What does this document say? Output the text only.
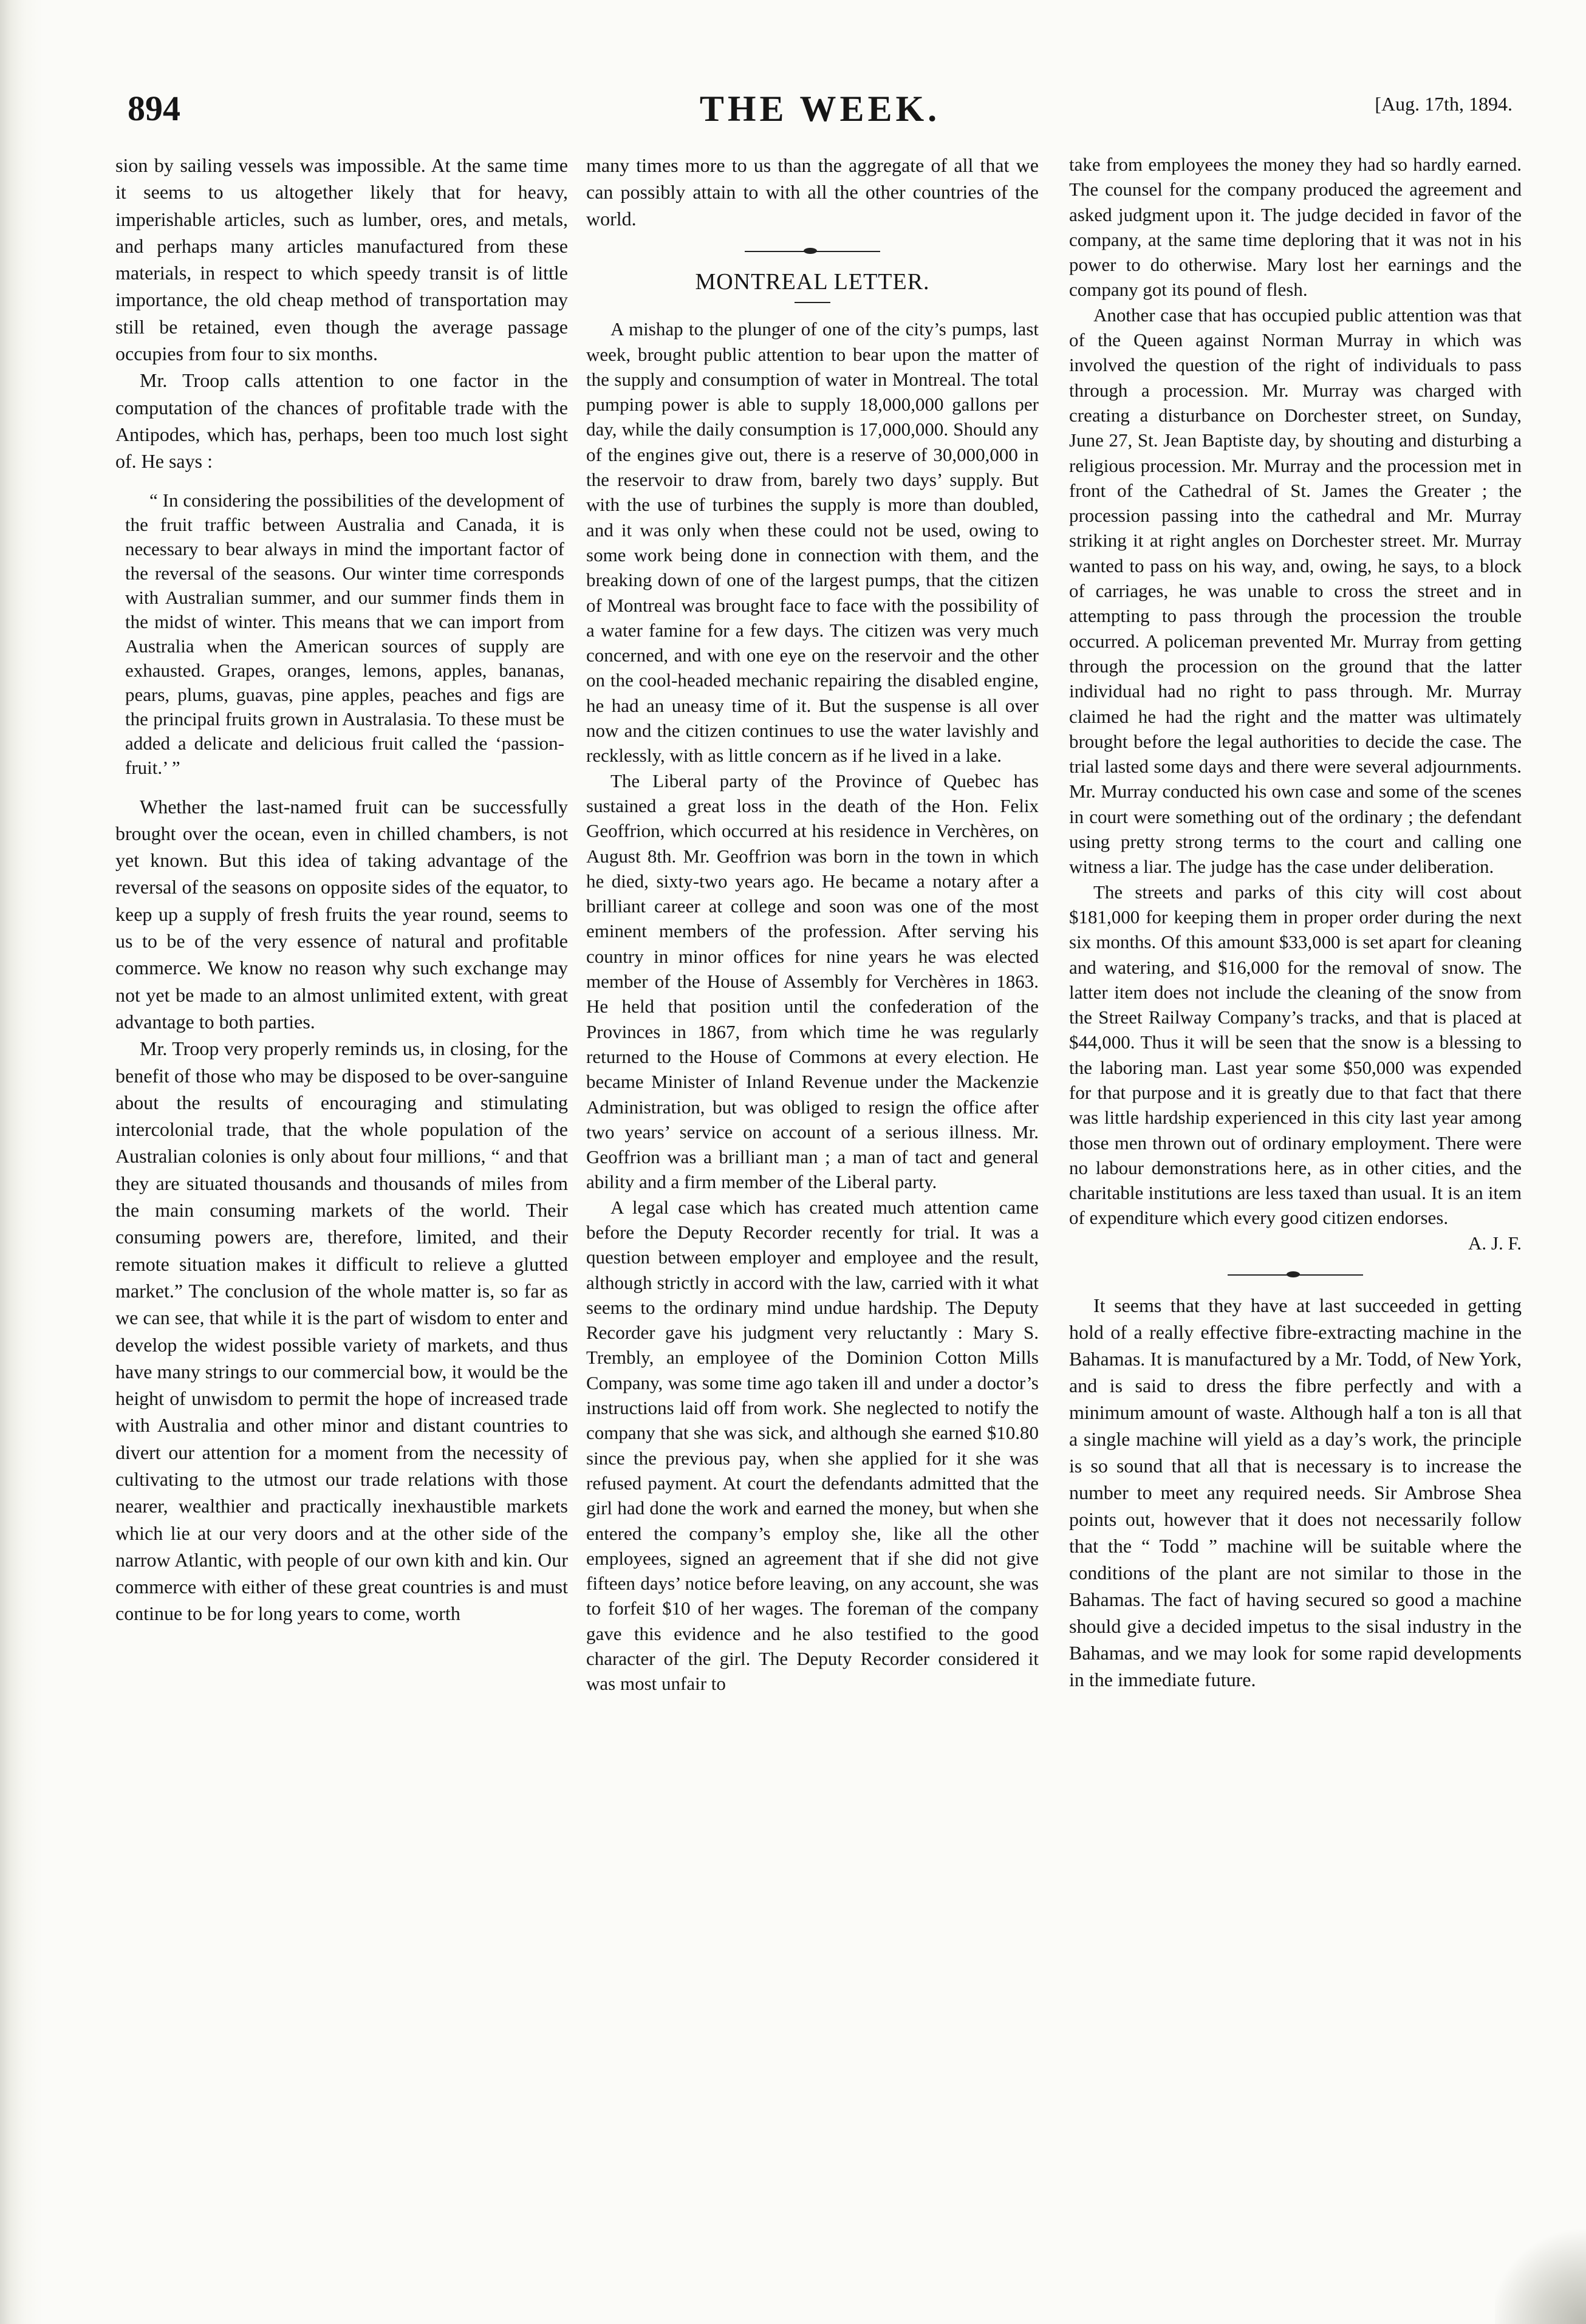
894	THE WEEK.	[Aug. 17th, 1894.

sion by sailing vessels was impossible. At the same time it seems to us altogether likely that for heavy, imperishable articles, such as lumber, ores, and metals, and perhaps many articles manufactured from these materials, in respect to which speedy transit is of little importance, the old cheap method of transportation may still be retained, even though the average passage occupies from four to six months.

Mr. Troop calls attention to one factor in the computation of the chances of profitable trade with the Antipodes, which has, perhaps, been too much lost sight of. He says :

“ In considering the possibilities of the development of the fruit traffic between Australia and Canada, it is necessary to bear always in mind the important factor of the reversal of the seasons. Our winter time corresponds with Australian summer, and our summer finds them in the midst of winter. This means that we can import from Australia when the American sources of supply are exhausted. Grapes, oranges, lemons, apples, bananas, pears, plums, guavas, pine apples, peaches and figs are the principal fruits grown in Australasia. To these must be added a delicate and delicious fruit called the ‘passion-fruit.’ ”

Whether the last-named fruit can be successfully brought over the ocean, even in chilled chambers, is not yet known. But this idea of taking advantage of the reversal of the seasons on opposite sides of the equator, to keep up a supply of fresh fruits the year round, seems to us to be of the very essence of natural and profitable commerce. We know no reason why such exchange may not yet be made to an almost unlimited extent, with great advantage to both parties.

Mr. Troop very properly reminds us, in closing, for the benefit of those who may be disposed to be over-sanguine about the results of encouraging and stimulating intercolonial trade, that the whole population of the Australian colonies is only about four millions, “ and that they are situated thousands and thousands of miles from the main consuming markets of the world. Their consuming powers are, therefore, limited, and their remote situation makes it difficult to relieve a glutted market.” The conclusion of the whole matter is, so far as we can see, that while it is the part of wisdom to enter and develop the widest possible variety of markets, and thus have many strings to our commercial bow, it would be the height of unwisdom to permit the hope of increased trade with Australia and other minor and distant countries to divert our attention for a moment from the necessity of cultivating to the utmost our trade relations with those nearer, wealthier and practically inexhaustible markets which lie at our very doors and at the other side of the narrow Atlantic, with people of our own kith and kin. Our commerce with either of these great countries is and must continue to be for long years to come, worth

many times more to us than the aggregate of all that we can possibly attain to with all the other countries of the world.

MONTREAL LETTER.

A mishap to the plunger of one of the city’s pumps, last week, brought public attention to bear upon the matter of the supply and consumption of water in Montreal. The total pumping power is able to supply 18,000,000 gallons per day, while the daily consumption is 17,000,000. Should any of the engines give out, there is a reserve of 30,000,000 in the reservoir to draw from, barely two days’ supply. But with the use of turbines the supply is more than doubled, and it was only when these could not be used, owing to some work being done in connection with them, and the breaking down of one of the largest pumps, that the citizen of Montreal was brought face to face with the possibility of a water famine for a few days. The citizen was very much concerned, and with one eye on the reservoir and the other on the cool-headed mechanic repairing the disabled engine, he had an uneasy time of it. But the suspense is all over now and the citizen continues to use the water lavishly and recklessly, with as little concern as if he lived in a lake.

The Liberal party of the Province of Quebec has sustained a great loss in the death of the Hon. Felix Geoffrion, which occurred at his residence in Verchères, on August 8th. Mr. Geoffrion was born in the town in which he died, sixty-two years ago. He became a notary after a brilliant career at college and soon was one of the most eminent members of the profession. After serving his country in minor offices for nine years he was elected member of the House of Assembly for Verchères in 1863. He held that position until the confederation of the Provinces in 1867, from which time he was regularly returned to the House of Commons at every election. He became Minister of Inland Revenue under the Mackenzie Administration, but was obliged to resign the office after two years’ service on account of a serious illness. Mr. Geoffrion was a brilliant man ; a man of tact and general ability and a firm member of the Liberal party.

A legal case which has created much attention came before the Deputy Recorder recently for trial. It was a question between employer and employee and the result, although strictly in accord with the law, carried with it what seems to the ordinary mind undue hardship. The Deputy Recorder gave his judgment very reluctantly : Mary S. Trembly, an employee of the Dominion Cotton Mills Company, was some time ago taken ill and under a doctor’s instructions laid off from work. She neglected to notify the company that she was sick, and although she earned $10.80 since the previous pay, when she applied for it she was refused payment. At court the defendants admitted that the girl had done the work and earned the money, but when she entered the company’s employ she, like all the other employees, signed an agreement that if she did not give fifteen days’ notice before leaving, on any account, she was to forfeit $10 of her wages. The foreman of the company gave this evidence and he also testified to the good character of the girl. The Deputy Recorder considered it was most unfair to

take from employees the money they had so hardly earned. The counsel for the company produced the agreement and asked judgment upon it. The judge decided in favor of the company, at the same time deploring that it was not in his power to do otherwise. Mary lost her earnings and the company got its pound of flesh.

Another case that has occupied public attention was that of the Queen against Norman Murray in which was involved the question of the right of individuals to pass through a procession. Mr. Murray was charged with creating a disturbance on Dorchester street, on Sunday, June 27, St. Jean Baptiste day, by shouting and disturbing a religious procession. Mr. Murray and the procession met in front of the Cathedral of St. James the Greater ; the procession passing into the cathedral and Mr. Murray striking it at right angles on Dorchester street. Mr. Murray wanted to pass on his way, and, owing, he says, to a block of carriages, he was unable to cross the street and in attempting to pass through the procession the trouble occurred. A policeman prevented Mr. Murray from getting through the procession on the ground that the latter individual had no right to pass through. Mr. Murray claimed he had the right and the matter was ultimately brought before the legal authorities to decide the case. The trial lasted some days and there were several adjournments. Mr. Murray conducted his own case and some of the scenes in court were something out of the ordinary ; the defendant using pretty strong terms to the court and calling one witness a liar. The judge has the case under deliberation.

The streets and parks of this city will cost about $181,000 for keeping them in proper order during the next six months. Of this amount $33,000 is set apart for cleaning and watering, and $16,000 for the removal of snow. The latter item does not include the cleaning of the snow from the Street Railway Company’s tracks, and that is placed at $44,000. Thus it will be seen that the snow is a blessing to the laboring man. Last year some $50,000 was expended for that purpose and it is greatly due to that fact that there was little hardship experienced in this city last year among those men thrown out of ordinary employment. There were no labour demonstrations here, as in other cities, and the charitable institutions are less taxed than usual. It is an item of expenditure which every good citizen endorses.

A. J. F.

It seems that they have at last succeeded in getting hold of a really effective fibre-extracting machine in the Bahamas. It is manufactured by a Mr. Todd, of New York, and is said to dress the fibre perfectly and with a minimum amount of waste. Although half a ton is all that a single machine will yield as a day’s work, the principle is so sound that all that is necessary is to increase the number to meet any required needs. Sir Ambrose Shea points out, however that it does not necessarily follow that the “ Todd ” machine will be suitable where the conditions of the plant are not similar to those in the Bahamas. The fact of having secured so good a machine should give a decided impetus to the sisal industry in the Bahamas, and we may look for some rapid developments in the immediate future.
